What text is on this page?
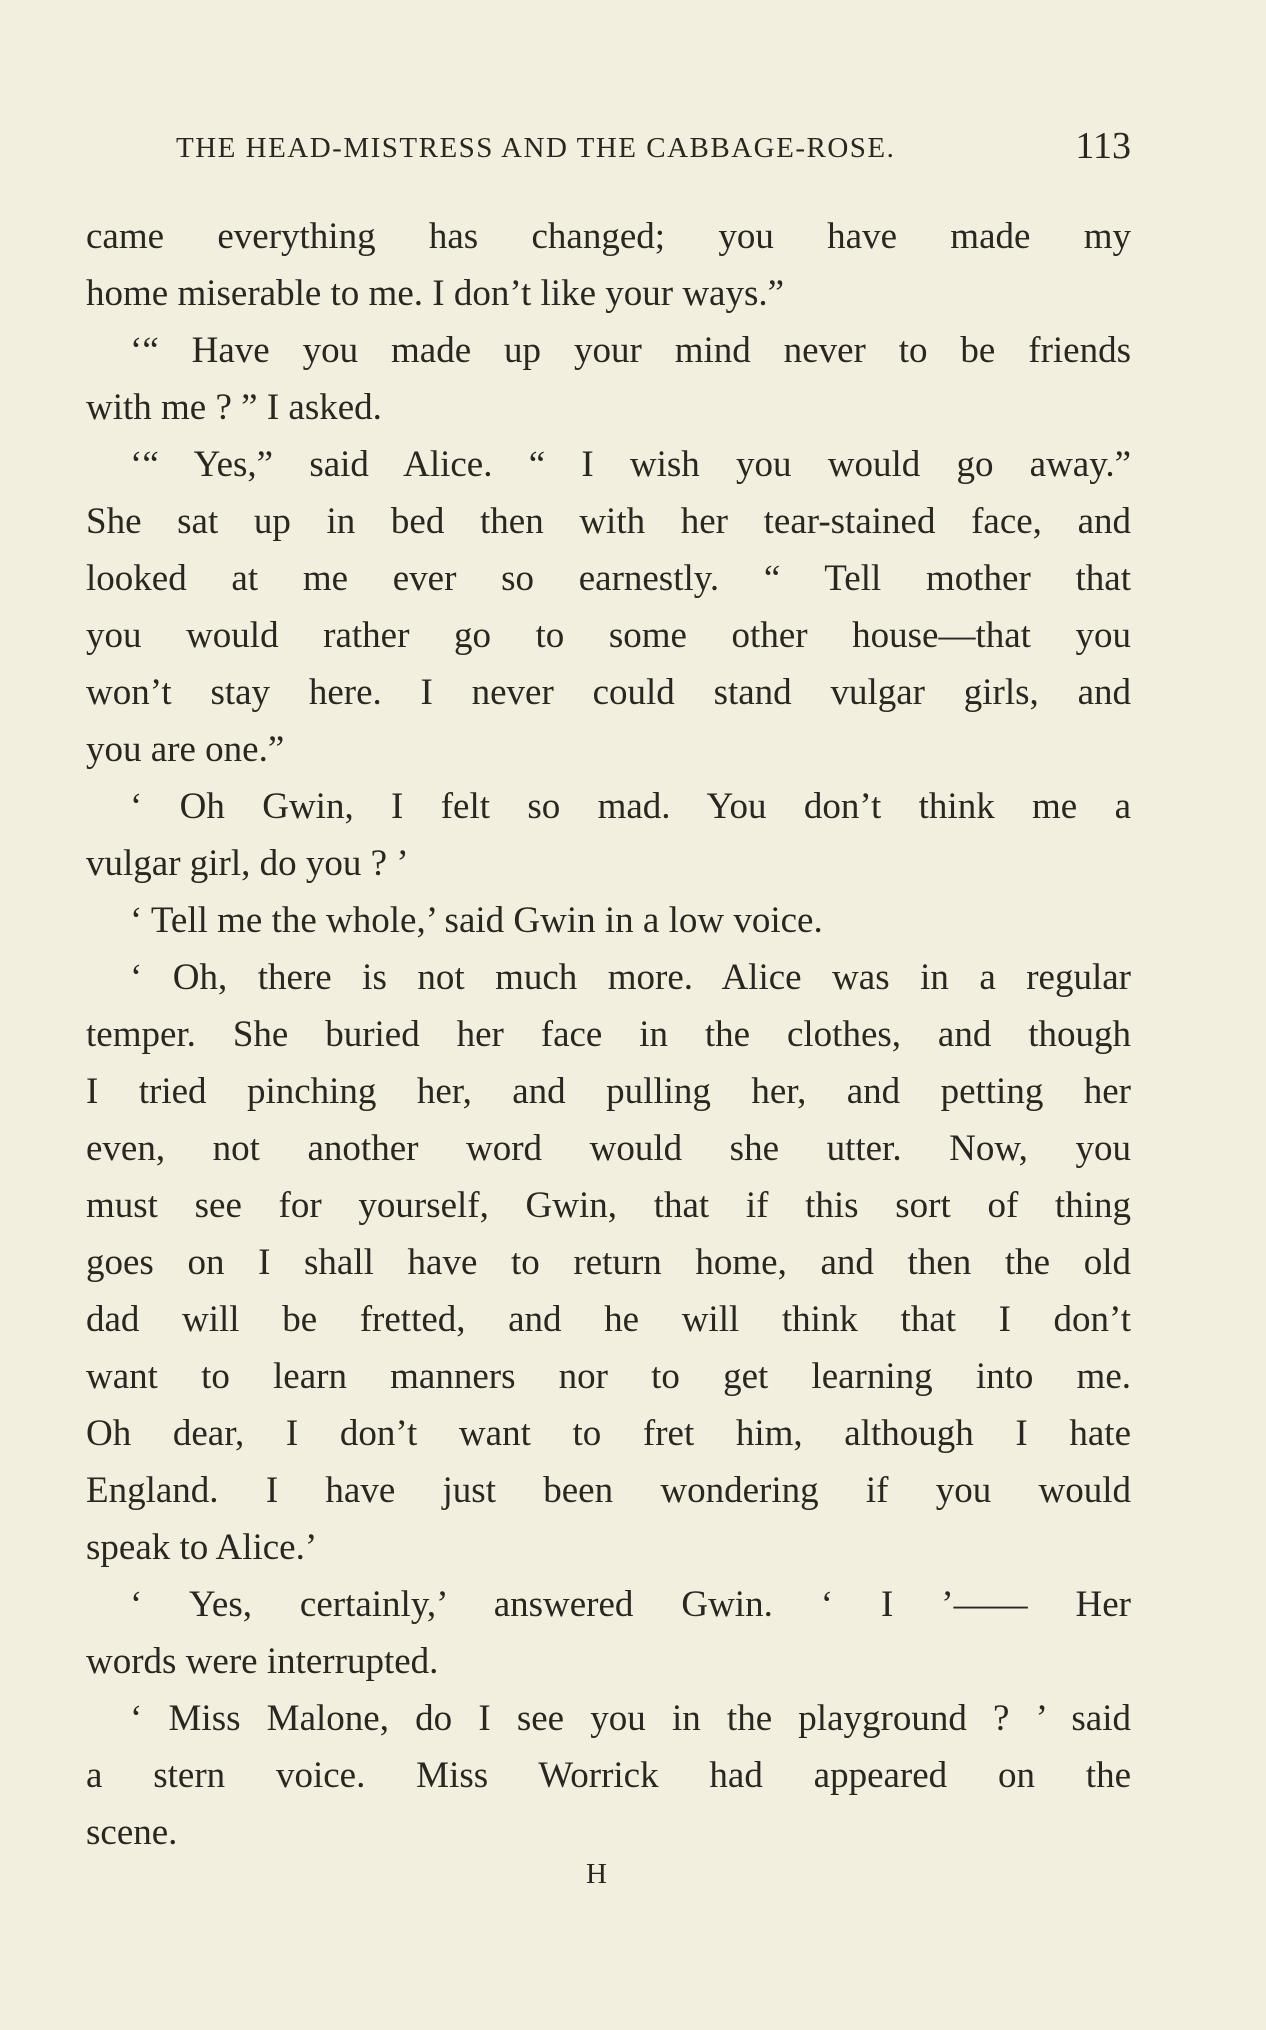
THE HEAD-MISTRESS AND THE CABBAGE-ROSE.	113
came everything has changed; you have made my
home miserable to me. I don’t like your ways.”
‘“ Have you made up your mind never to be friends
with me ? ” I asked.
‘“ Yes,” said Alice. “ I wish you would go away.”
She sat up in bed then with her tear-stained face, and
looked at me ever so earnestly. “ Tell mother that
you would rather go to some other house—that you
won’t stay here. I never could stand vulgar girls, and
you are one.”
‘ Oh Gwin, I felt so mad. You don’t think me a
vulgar girl, do you ? ’
‘ Tell me the whole,’ said Gwin in a low voice.
‘ Oh, there is not much more. Alice was in a regular
temper. She buried her face in the clothes, and though
I tried pinching her, and pulling her, and petting her
even, not another word would she utter. Now, you
must see for yourself, Gwin, that if this sort of thing
goes on I shall have to return home, and then the old
dad will be fretted, and he will think that I don’t
want to learn manners nor to get learning into me.
Oh dear, I don’t want to fret him, although I hate
England. I have just been wondering if you would
speak to Alice.’
‘ Yes, certainly,’ answered Gwin. ‘ I ’—— Her
words were interrupted.
‘ Miss Malone, do I see you in the playground ? ’ said
a stern voice. Miss Worrick had appeared on the
scene.
H
